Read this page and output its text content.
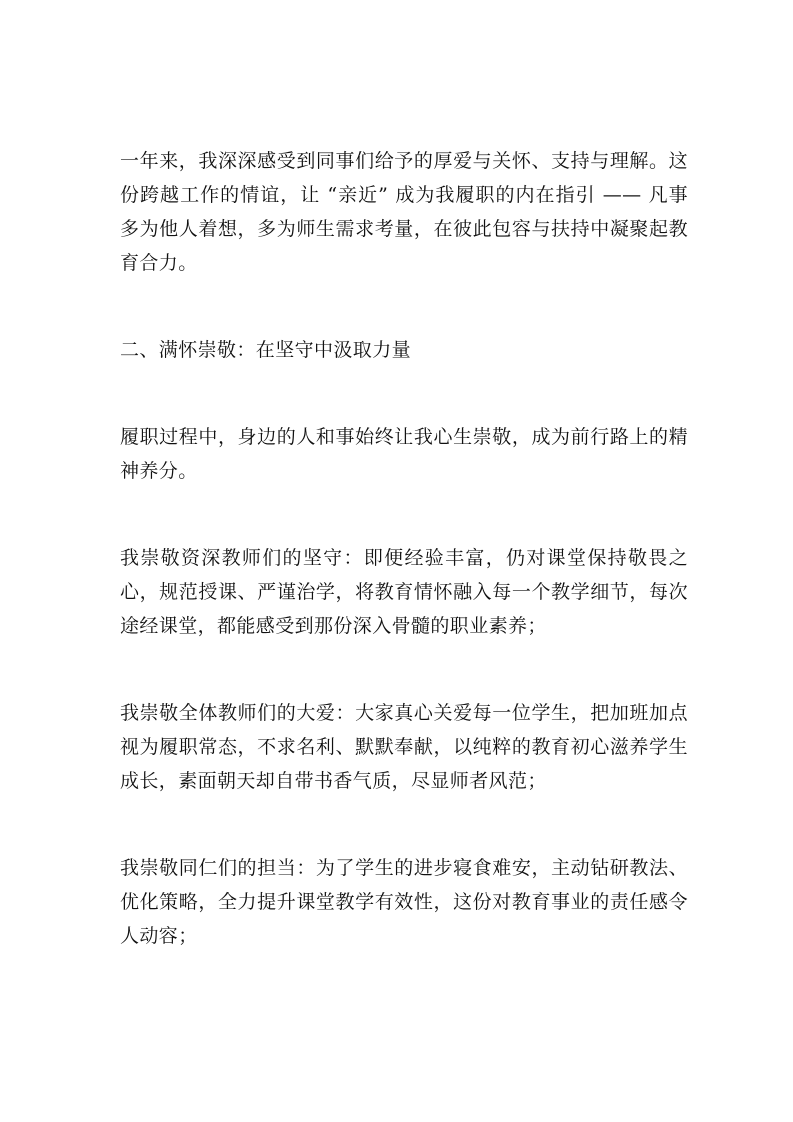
一年来，我深深感受到同事们给予的厚爱与关怀、支持与理解。这份跨越工作的情谊，让 “亲近” 成为我履职的内在指引 —— 凡事多为他人着想，多为师生需求考量，在彼此包容与扶持中凝聚起教育合力。

二、满怀崇敬：在坚守中汲取力量

履职过程中，身边的人和事始终让我心生崇敬，成为前行路上的精神养分。

我崇敬资深教师们的坚守：即便经验丰富，仍对课堂保持敬畏之心，规范授课、严谨治学，将教育情怀融入每一个教学细节，每次途经课堂，都能感受到那份深入骨髓的职业素养；

我崇敬全体教师们的大爱：大家真心关爱每一位学生，把加班加点视为履职常态，不求名利、默默奉献，以纯粹的教育初心滋养学生成长，素面朝天却自带书香气质，尽显师者风范；

我崇敬同仁们的担当：为了学生的进步寝食难安，主动钻研教法、优化策略，全力提升课堂教学有效性，这份对教育事业的责任感令人动容；
